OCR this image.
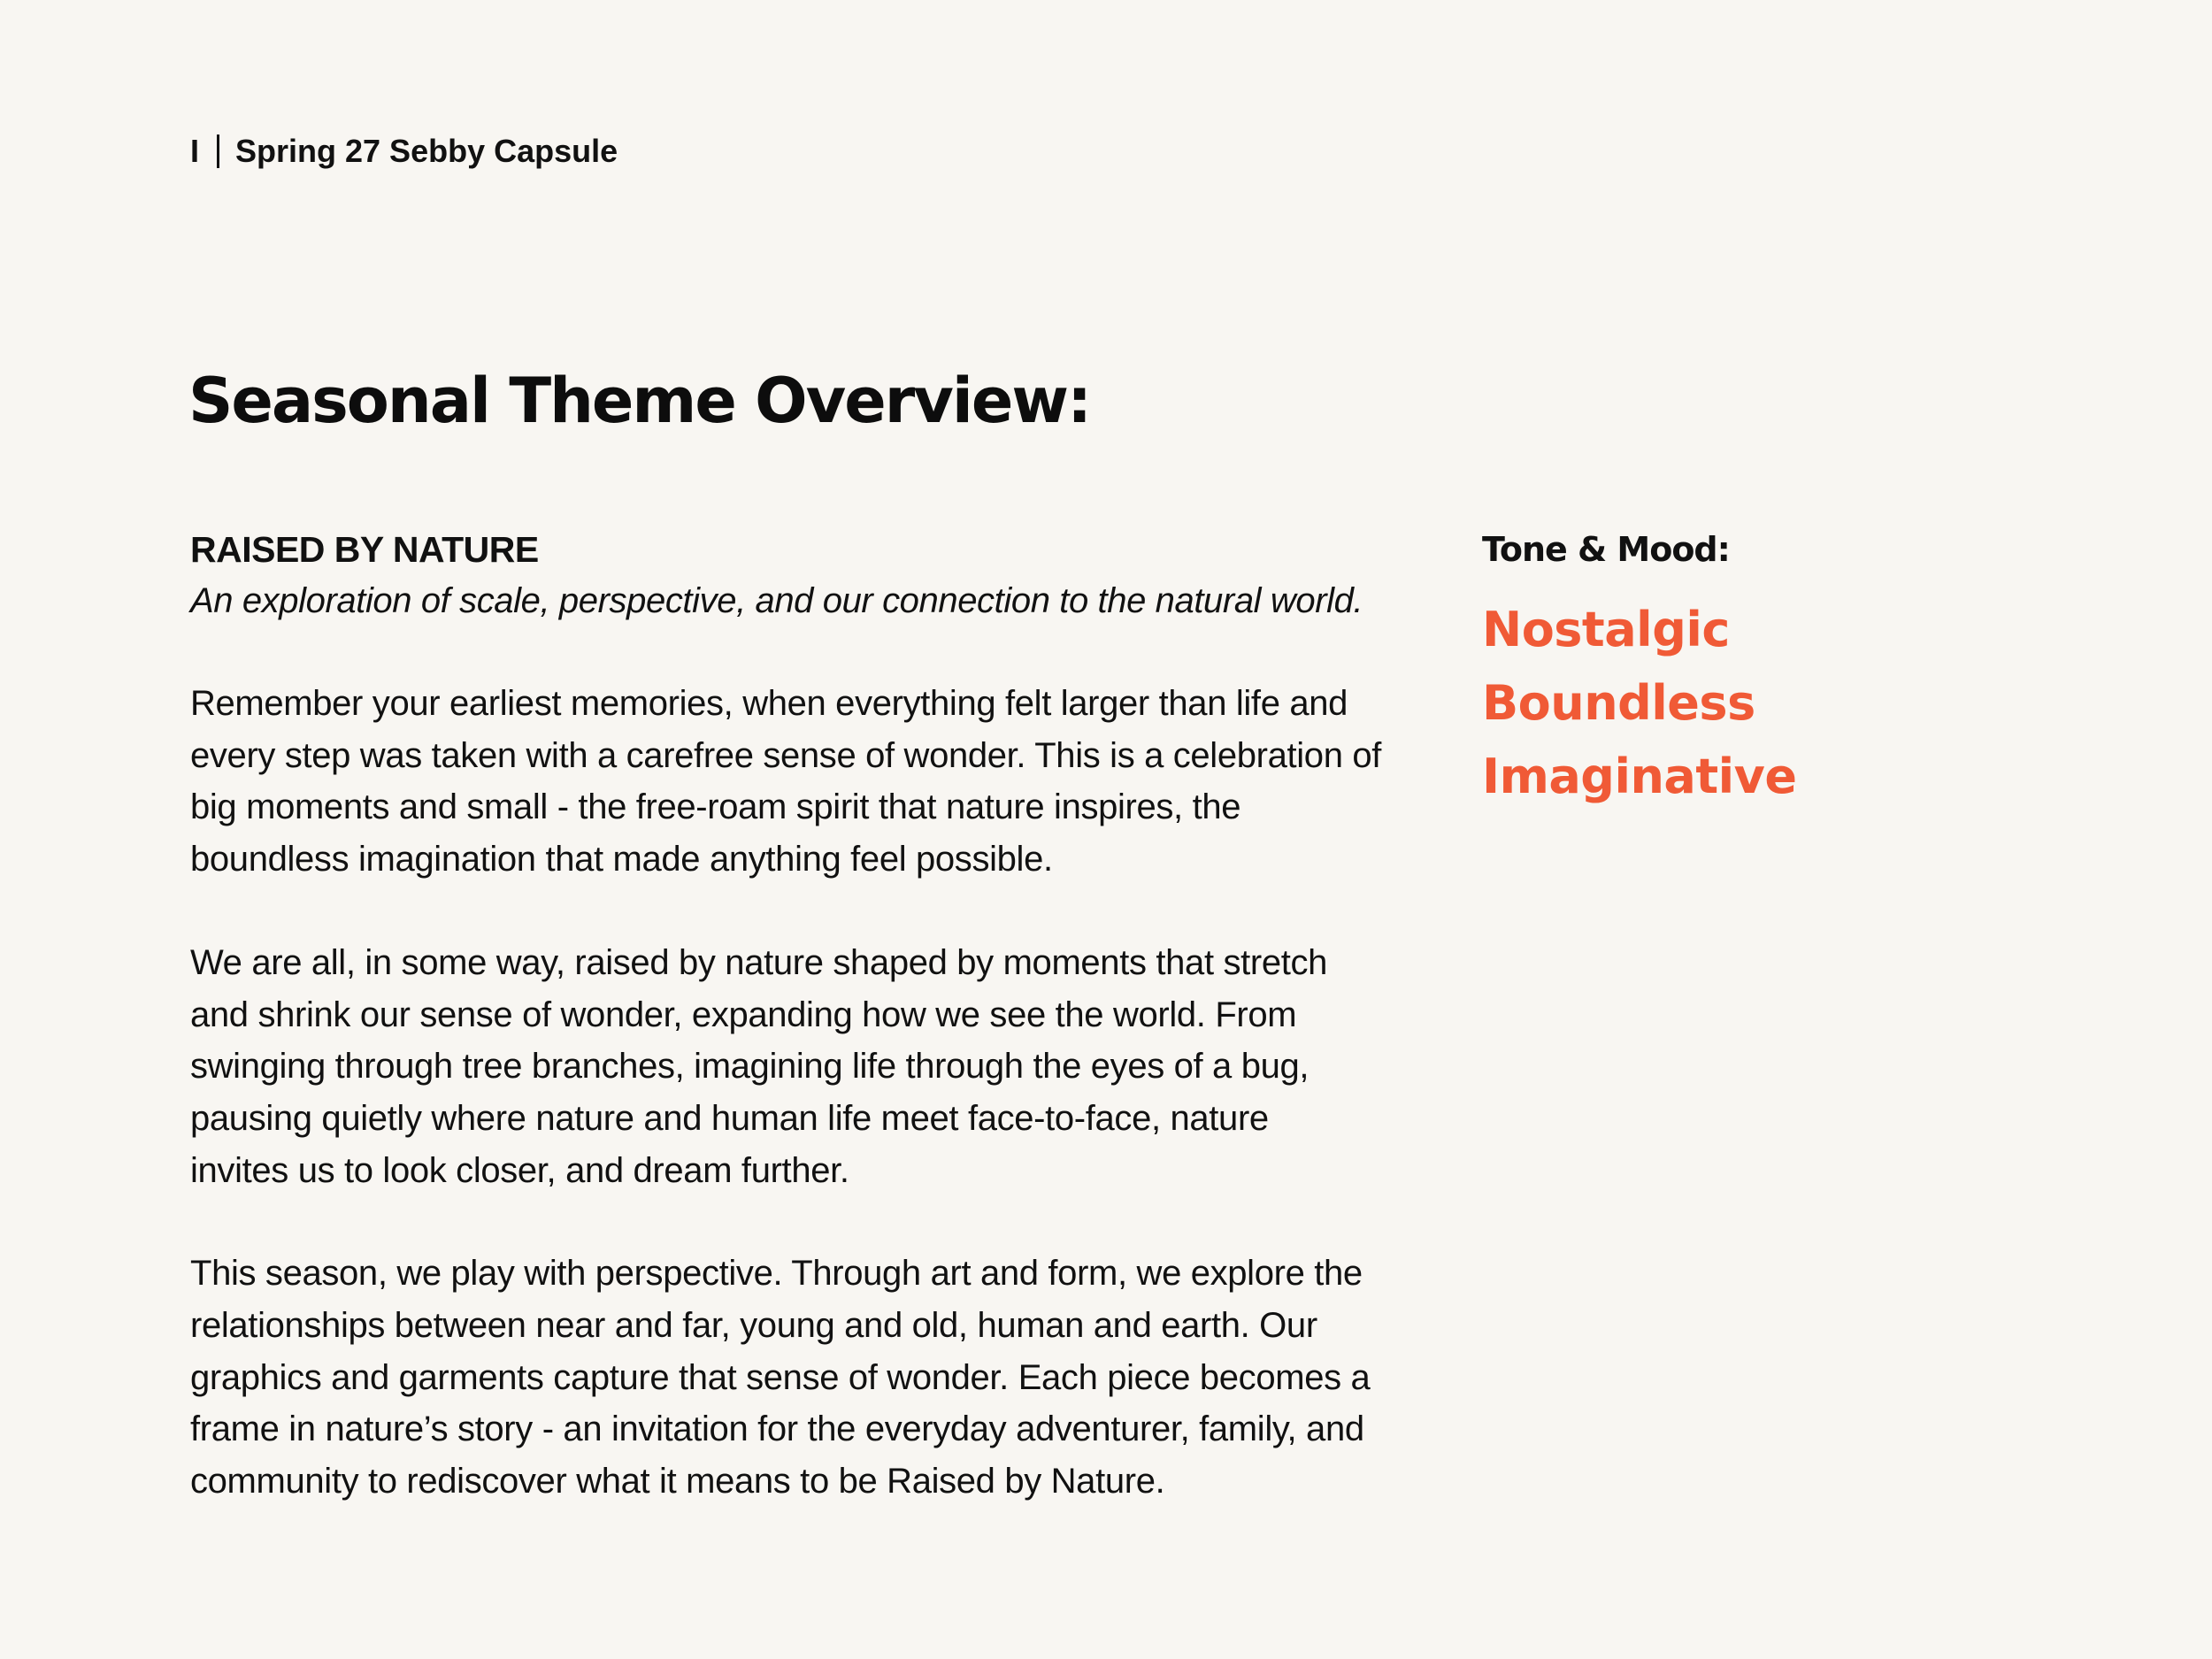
I Spring 27 Sebby Capsule
Seasonal Theme Overview:

RAISED BY NATURE

An exploration of scale, perspective, and our connection to the natural world.

Remember your earliest memories, when everything felt larger than life and
every step was taken with a carefree sense of wonder. This is a celebration of
big moments and small - the free-roam spirit that nature inspires, the
boundless imagination that made anything feel possible.

We are all, in some way, raised by nature shaped by moments that stretch
and shrink our sense of wonder, expanding how we see the world. From
swinging through tree branches, imagining life through the eyes of a bug,
pausing quietly where nature and human life meet face-to-face, nature
invites us to look closer, and dream further.

This season, we play with perspective. Through art and form, we explore the
relationships between near and far, young and old, human and earth. Our
graphics and garments capture that sense of wonder. Each piece becomes a
frame in nature’s story - an invitation for the everyday adventurer, family, and
community to rediscover what it means to be Raised by Nature.

Tone & Mood:

Nostalgic
Boundless
Imaginative
